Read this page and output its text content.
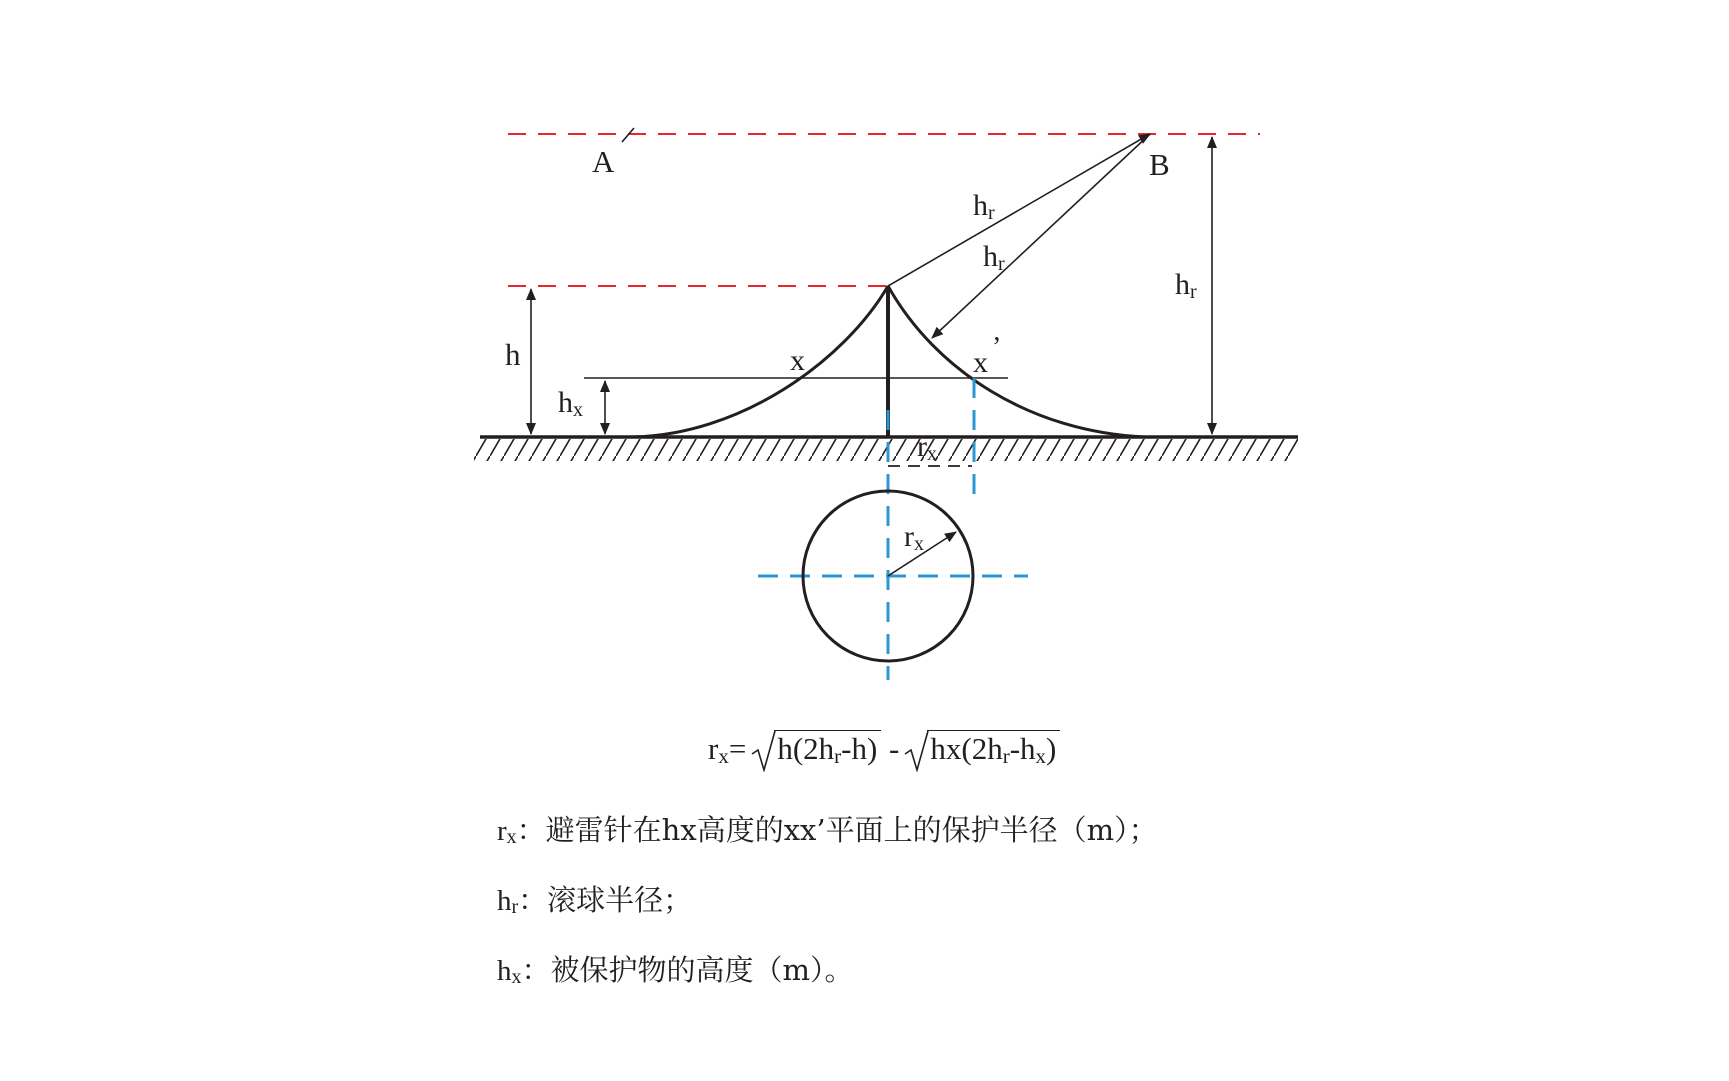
A	B
hr
hr
hr
h
hx
x	x ’
rx
rx
rx= h(2hr-h) - hx(2hr-hx)
rx：避雷针在hx高度的xx’平面上的保护半径（m）；
hr：滚球半径；
hx：被保护物的高度（m）。
